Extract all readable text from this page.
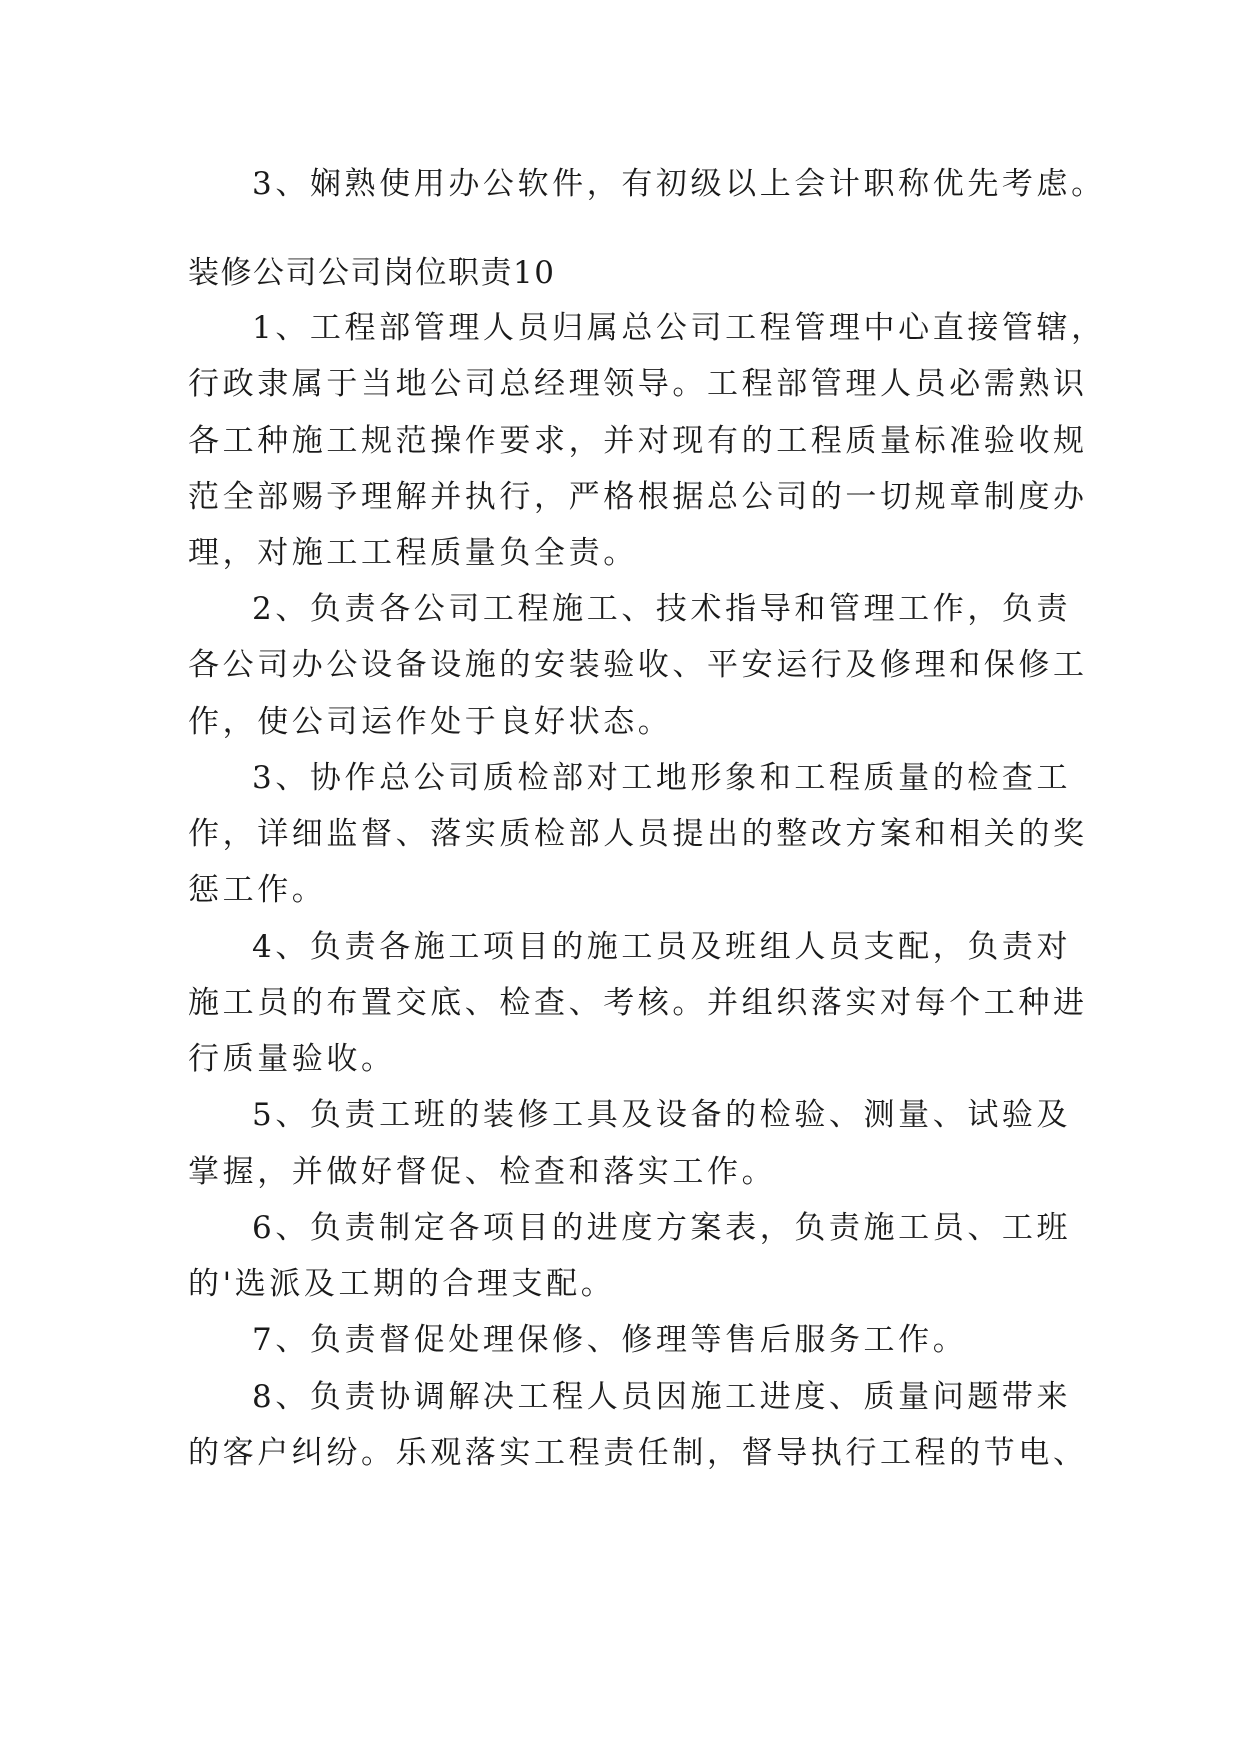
3、娴熟使用办公软件，有初级以上会计职称优先考虑。
装修公司公司岗位职责10
1、工程部管理人员归属总公司工程管理中心直接管辖，
行政隶属于当地公司总经理领导。工程部管理人员必需熟识
各工种施工规范操作要求，并对现有的工程质量标准验收规
范全部赐予理解并执行，严格根据总公司的一切规章制度办
理，对施工工程质量负全责。
2、负责各公司工程施工、技术指导和管理工作，负责
各公司办公设备设施的安装验收、平安运行及修理和保修工
作，使公司运作处于良好状态。
3、协作总公司质检部对工地形象和工程质量的检查工
作，详细监督、落实质检部人员提出的整改方案和相关的奖
惩工作。
4、负责各施工项目的施工员及班组人员支配，负责对
施工员的布置交底、检查、考核。并组织落实对每个工种进
行质量验收。
5、负责工班的装修工具及设备的检验、测量、试验及
掌握，并做好督促、检查和落实工作。
6、负责制定各项目的进度方案表，负责施工员、工班
的'选派及工期的合理支配。
7、负责督促处理保修、修理等售后服务工作。
8、负责协调解决工程人员因施工进度、质量问题带来
的客户纠纷。乐观落实工程责任制，督导执行工程的节电、
